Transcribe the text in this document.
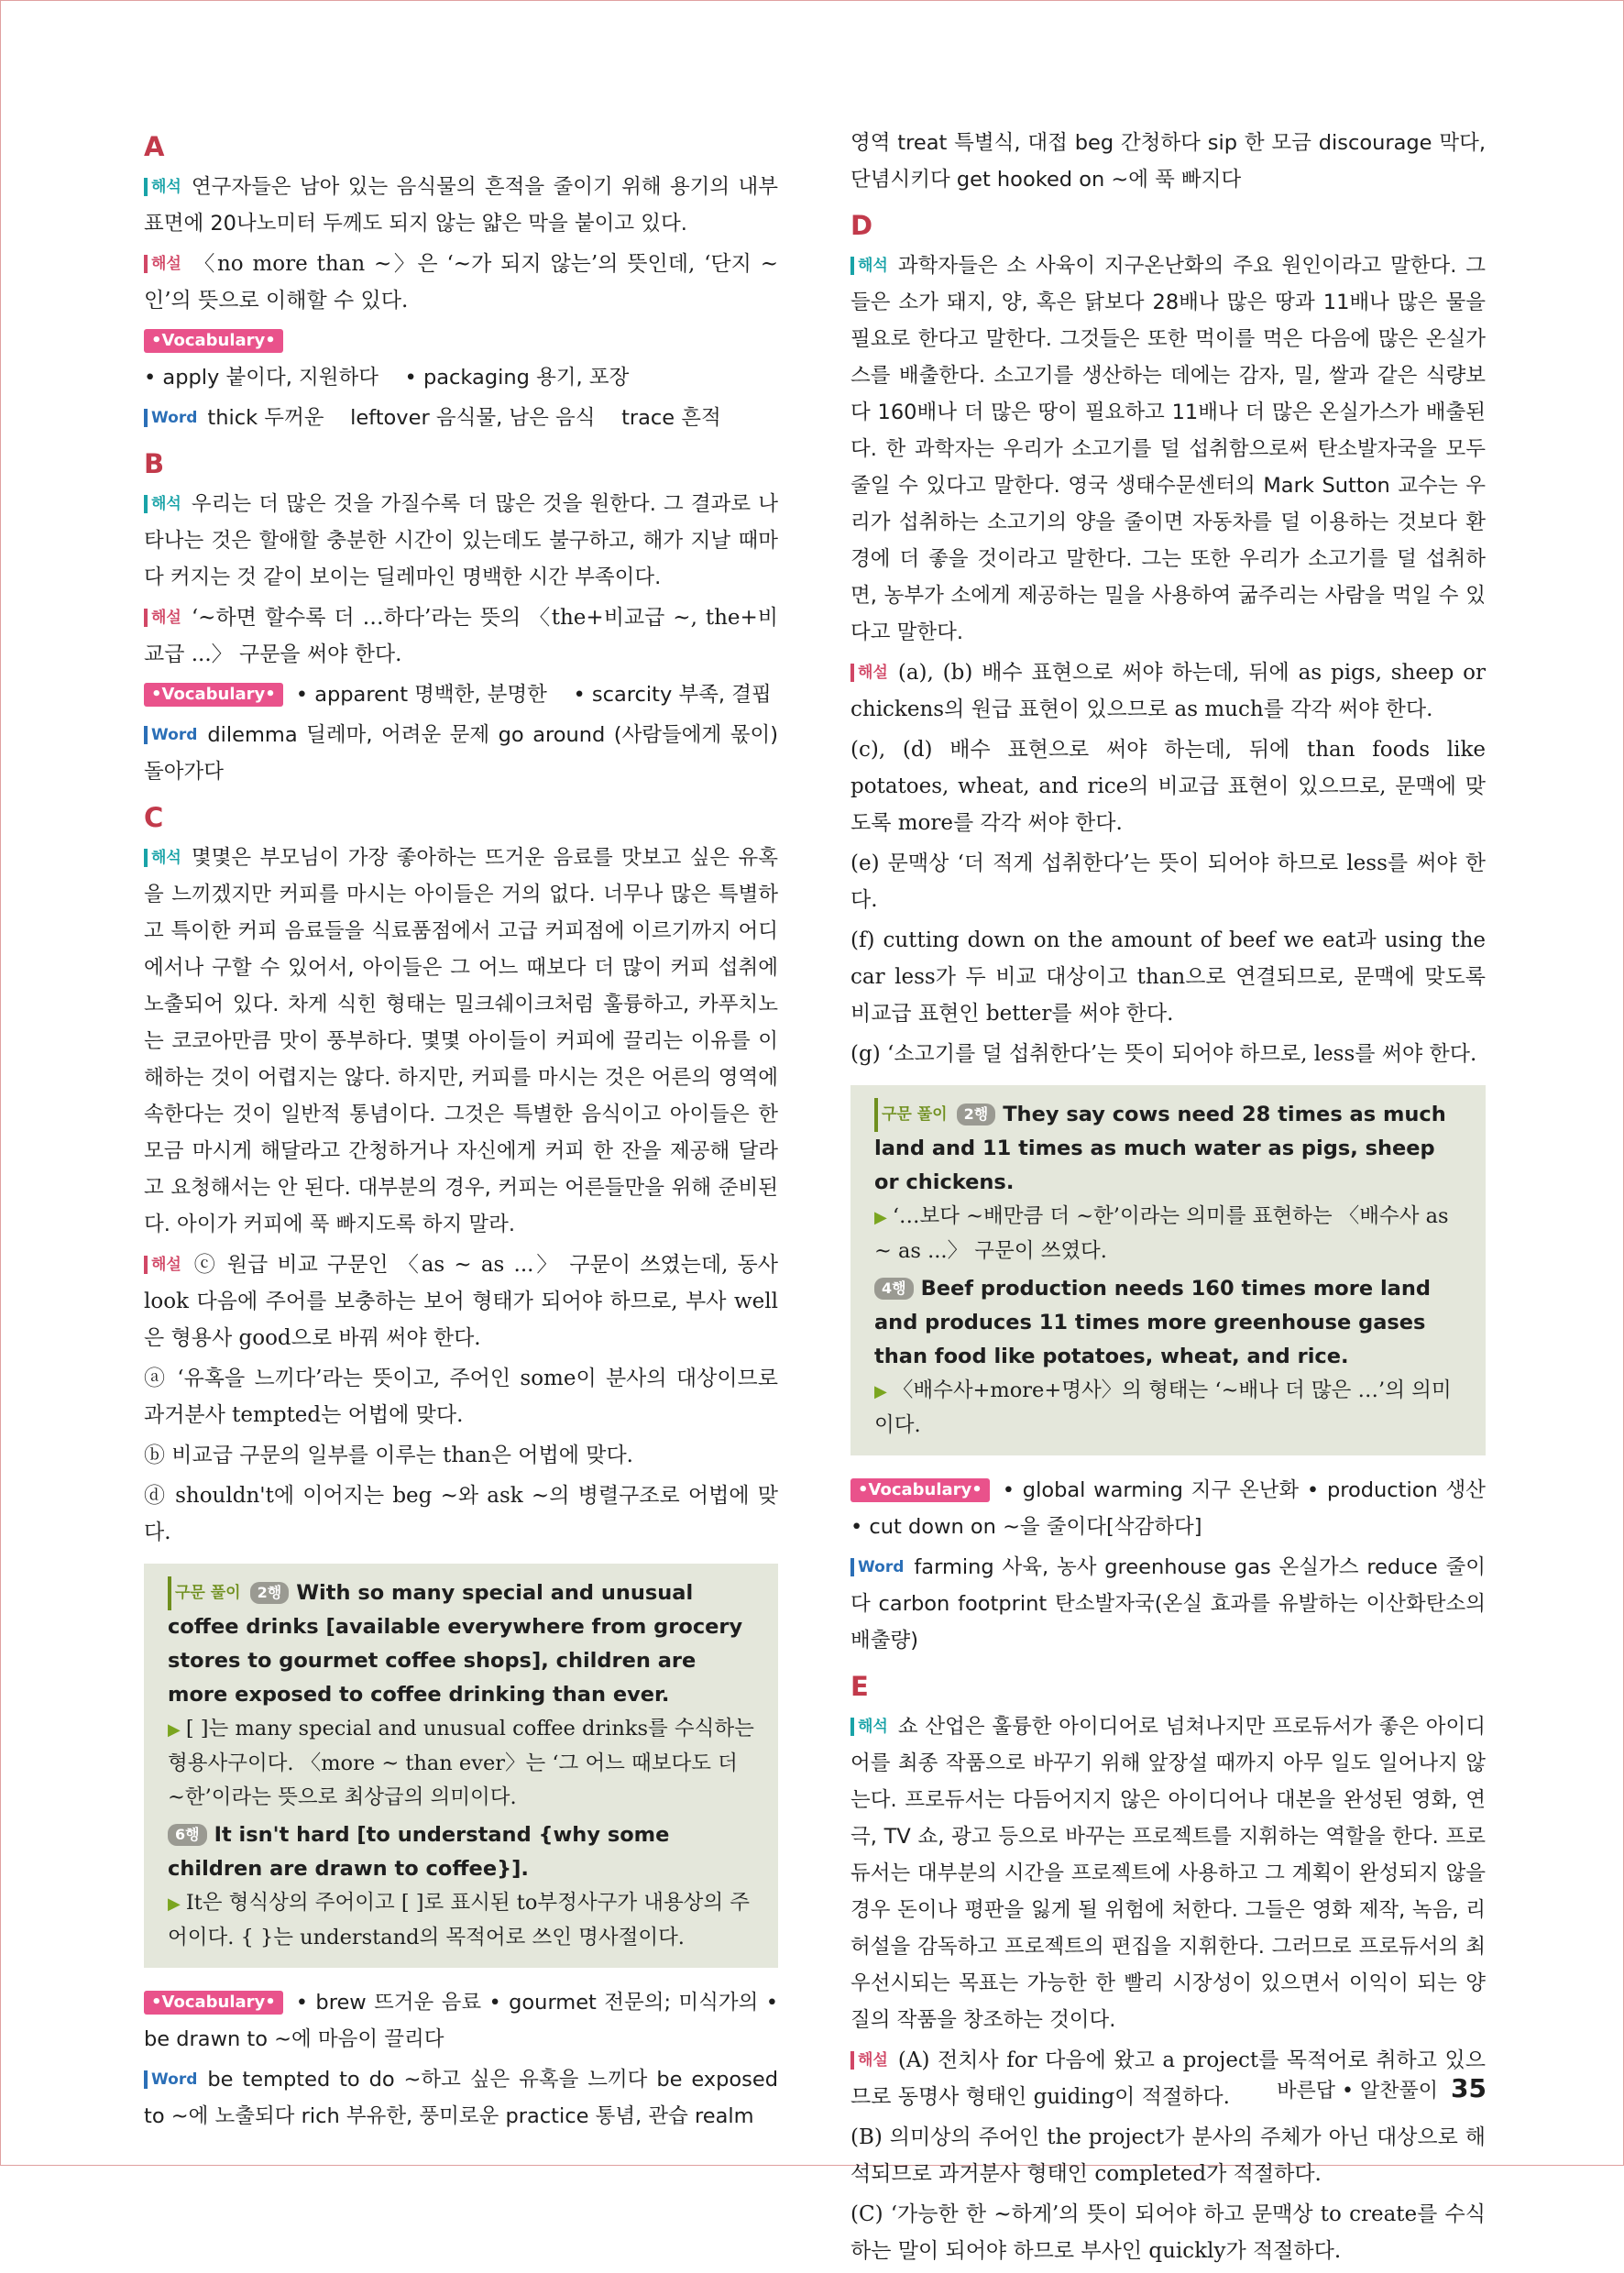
A

해석 연구자들은 남아 있는 음식물의 흔적을 줄이기 위해 용기의 내부 표면에 20나노미터 두께도 되지 않는 얇은 막을 붙이고 있다.

해설 〈no more than ~〉은 ‘~가 되지 않는’의 뜻인데, ‘단지 ~인’의 뜻으로 이해할 수 있다.

•Vocabulary•• apply 붙이다, 지원하다    • packaging 용기, 포장

Word thick 두꺼운    leftover 음식물, 남은 음식    trace 흔적

B

해석 우리는 더 많은 것을 가질수록 더 많은 것을 원한다. 그 결과로 나타나는 것은 할애할 충분한 시간이 있는데도 불구하고, 해가 지날 때마다 커지는 것 같이 보이는 딜레마인 명백한 시간 부족이다.

해설 ‘~하면 할수록 더 …하다’라는 뜻의 〈the+비교급 ~, the+비교급 ...〉 구문을 써야 한다.

•Vocabulary• • apparent 명백한, 분명한    • scarcity 부족, 결핍

Word dilemma 딜레마, 어려운 문제 go around (사람들에게 몫이) 돌아가다

C

해석 몇몇은 부모님이 가장 좋아하는 뜨거운 음료를 맛보고 싶은 유혹을 느끼겠지만 커피를 마시는 아이들은 거의 없다. 너무나 많은 특별하고 특이한 커피 음료들을 식료품점에서 고급 커피점에 이르기까지 어디에서나 구할 수 있어서, 아이들은 그 어느 때보다 더 많이 커피 섭취에 노출되어 있다. 차게 식힌 형태는 밀크쉐이크처럼 훌륭하고, 카푸치노는 코코아만큼 맛이 풍부하다. 몇몇 아이들이 커피에 끌리는 이유를 이해하는 것이 어렵지는 않다. 하지만, 커피를 마시는 것은 어른의 영역에 속한다는 것이 일반적 통념이다. 그것은 특별한 음식이고 아이들은 한 모금 마시게 해달라고 간청하거나 자신에게 커피 한 잔을 제공해 달라고 요청해서는 안 된다. 대부분의 경우, 커피는 어른들만을 위해 준비된다. 아이가 커피에 푹 빠지도록 하지 말라.

해설 ⓒ 원급 비교 구문인 〈as ~ as ...〉 구문이 쓰였는데, 동사 look 다음에 주어를 보충하는 보어 형태가 되어야 하므로, 부사 well은 형용사 good으로 바꿔 써야 한다.

ⓐ ‘유혹을 느끼다’라는 뜻이고, 주어인 some이 분사의 대상이므로 과거분사 tempted는 어법에 맞다.

ⓑ 비교급 구문의 일부를 이루는 than은 어법에 맞다.

ⓓ shouldn't에 이어지는 beg ~와 ask ~의 병렬구조로 어법에 맞다.

구문 풀이 2행 With so many special and unusual coffee drinks [available everywhere from grocery stores to gourmet coffee shops], children are more exposed to coffee drinking than ever.
▶ [ ]는 many special and unusual coffee drinks를 수식하는 형용사구이다. 〈more ~ than ever〉는 ‘그 어느 때보다도 더 ~한’이라는 뜻으로 최상급의 의미이다.
6행 It isn't hard [to understand {why some children are drawn to coffee}].
▶ It은 형식상의 주어이고 [ ]로 표시된 to부정사구가 내용상의 주어이다. { }는 understand의 목적어로 쓰인 명사절이다.

•Vocabulary• • brew 뜨거운 음료 • gourmet 전문의; 미식가의 • be drawn to ~에 마음이 끌리다

Word be tempted to do ~하고 싶은 유혹을 느끼다 be exposed to ~에 노출되다 rich 부유한, 풍미로운 practice 통념, 관습 realm

영역 treat 특별식, 대접 beg 간청하다 sip 한 모금 discourage 막다, 단념시키다 get hooked on ~에 푹 빠지다

D

해석 과학자들은 소 사육이 지구온난화의 주요 원인이라고 말한다. 그들은 소가 돼지, 양, 혹은 닭보다 28배나 많은 땅과 11배나 많은 물을 필요로 한다고 말한다. 그것들은 또한 먹이를 먹은 다음에 많은 온실가스를 배출한다. 소고기를 생산하는 데에는 감자, 밀, 쌀과 같은 식량보다 160배나 더 많은 땅이 필요하고 11배나 더 많은 온실가스가 배출된다. 한 과학자는 우리가 소고기를 덜 섭취함으로써 탄소발자국을 모두 줄일 수 있다고 말한다. 영국 생태수문센터의 Mark Sutton 교수는 우리가 섭취하는 소고기의 양을 줄이면 자동차를 덜 이용하는 것보다 환경에 더 좋을 것이라고 말한다. 그는 또한 우리가 소고기를 덜 섭취하면, 농부가 소에게 제공하는 밀을 사용하여 굶주리는 사람을 먹일 수 있다고 말한다.

해설 (a), (b) 배수 표현으로 써야 하는데, 뒤에 as pigs, sheep or chickens의 원급 표현이 있으므로 as much를 각각 써야 한다.

(c), (d) 배수 표현으로 써야 하는데, 뒤에 than foods like potatoes, wheat, and rice의 비교급 표현이 있으므로, 문맥에 맞도록 more를 각각 써야 한다.

(e) 문맥상 ‘더 적게 섭취한다’는 뜻이 되어야 하므로 less를 써야 한다.

(f) cutting down on the amount of beef we eat과 using the car less가 두 비교 대상이고 than으로 연결되므로, 문맥에 맞도록 비교급 표현인 better를 써야 한다.

(g) ‘소고기를 덜 섭취한다’는 뜻이 되어야 하므로, less를 써야 한다.

구문 풀이 2행 They say cows need 28 times as much land and 11 times as much water as pigs, sheep or chickens.
▶ ‘…보다 ~배만큼 더 ~한’이라는 의미를 표현하는 〈배수사 as ~ as ...〉 구문이 쓰였다.
4행 Beef production needs 160 times more land and produces 11 times more greenhouse gases than food like potatoes, wheat, and rice.
▶ 〈배수사+more+명사〉의 형태는 ‘~배나 더 많은 …’의 의미이다.

•Vocabulary• • global warming 지구 온난화 • production 생산 • cut down on ~을 줄이다[삭감하다]

Word farming 사육, 농사 greenhouse gas 온실가스 reduce 줄이다 carbon footprint 탄소발자국(온실 효과를 유발하는 이산화탄소의 배출량)

E

해석 쇼 산업은 훌륭한 아이디어로 넘쳐나지만 프로듀서가 좋은 아이디어를 최종 작품으로 바꾸기 위해 앞장설 때까지 아무 일도 일어나지 않는다. 프로듀서는 다듬어지지 않은 아이디어나 대본을 완성된 영화, 연극, TV 쇼, 광고 등으로 바꾸는 프로젝트를 지휘하는 역할을 한다. 프로듀서는 대부분의 시간을 프로젝트에 사용하고 그 계획이 완성되지 않을 경우 돈이나 평판을 잃게 될 위험에 처한다. 그들은 영화 제작, 녹음, 리허설을 감독하고 프로젝트의 편집을 지휘한다. 그러므로 프로듀서의 최우선시되는 목표는 가능한 한 빨리 시장성이 있으면서 이익이 되는 양질의 작품을 창조하는 것이다.

해설 (A) 전치사 for 다음에 왔고 a project를 목적어로 취하고 있으므로 동명사 형태인 guiding이 적절하다.

(B) 의미상의 주어인 the project가 분사의 주체가 아닌 대상으로 해석되므로 과거분사 형태인 completed가 적절하다.

(C) ‘가능한 한 ~하게’의 뜻이 되어야 하고 문맥상 to create를 수식하는 말이 되어야 하므로 부사인 quickly가 적절하다.

바른답 • 알찬풀이 35
